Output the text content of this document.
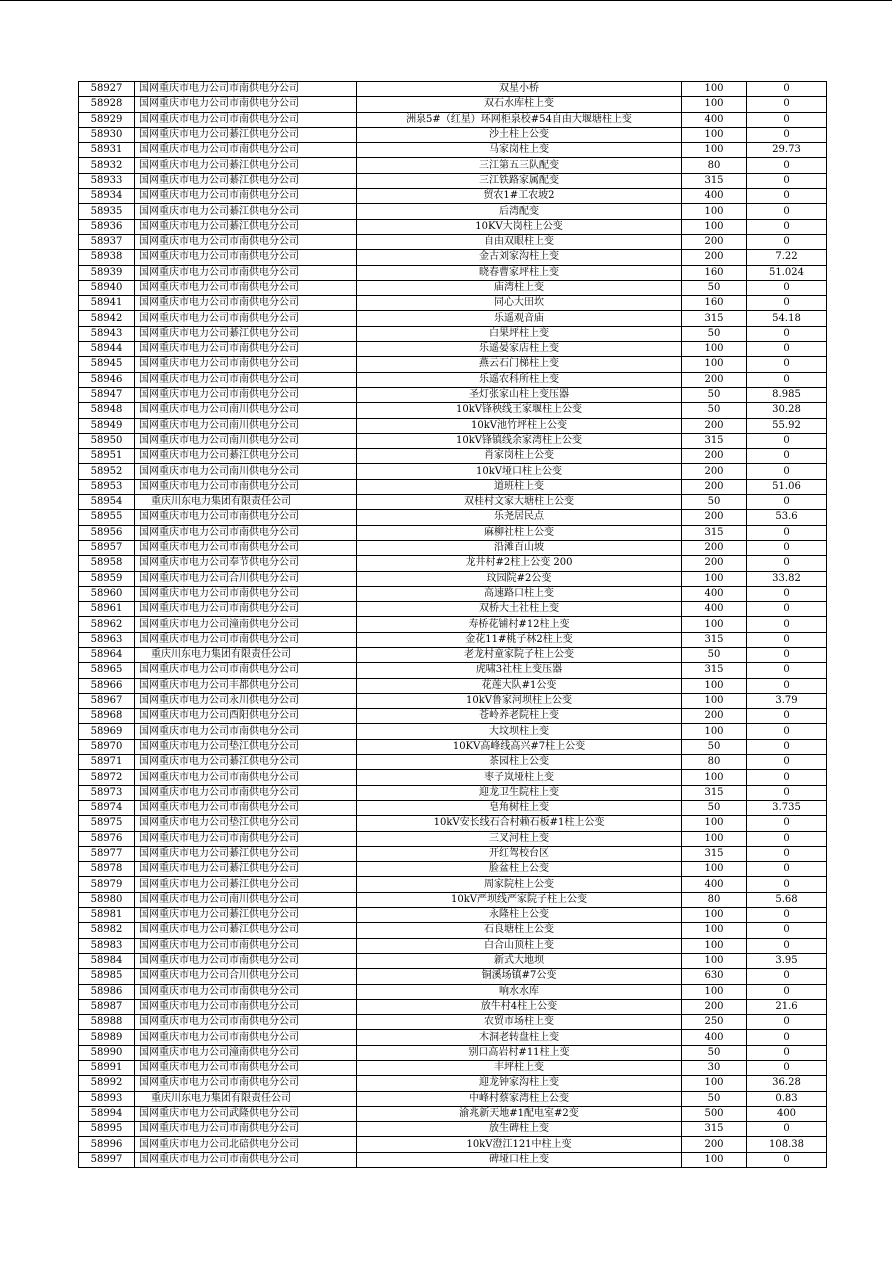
58927	国网重庆市电力公司市南供电分公司	双星小桥	100	0
58928	国网重庆市电力公司市南供电分公司	双石水库柱上变	100	0
58929	国网重庆市电力公司市南供电分公司	洲泉5#（红星）环网柜泉校#54自由大堰塘柱上变	400	0
58930	国网重庆市电力公司綦江供电分公司	沙土柱上公变	100	0
58931	国网重庆市电力公司市南供电分公司	马家岗柱上变	100	29.73
58932	国网重庆市电力公司綦江供电分公司	三江第五三队配变	80	0
58933	国网重庆市电力公司綦江供电分公司	三江铁路家属配变	315	0
58934	国网重庆市电力公司市南供电分公司	贸农1#工农坡2	400	0
58935	国网重庆市电力公司綦江供电分公司	后湾配变	100	0
58936	国网重庆市电力公司綦江供电分公司	10KV大岗柱上公变	100	0
58937	国网重庆市电力公司市南供电分公司	自由双眼柱上变	200	0
58938	国网重庆市电力公司市南供电分公司	金古刘家沟柱上变	200	7.22
58939	国网重庆市电力公司市南供电分公司	晓春曹家坪柱上变	160	51.024
58940	国网重庆市电力公司市南供电分公司	庙湾柱上变	50	0
58941	国网重庆市电力公司市南供电分公司	同心大田坎	160	0
58942	国网重庆市电力公司市南供电分公司	乐遥观音庙	315	54.18
58943	国网重庆市电力公司綦江供电分公司	白果坪柱上变	50	0
58944	国网重庆市电力公司市南供电分公司	乐遥晏家店柱上变	100	0
58945	国网重庆市电力公司市南供电分公司	燕云石门梯柱上变	100	0
58946	国网重庆市电力公司市南供电分公司	乐遥农科所柱上变	200	0
58947	国网重庆市电力公司市南供电分公司	圣灯张家山柱上变压器	50	8.985
58948	国网重庆市电力公司南川供电分公司	10kV锋秧线王家堰柱上公变	50	30.28
58949	国网重庆市电力公司南川供电分公司	10kV池竹坪柱上公变	200	55.92
58950	国网重庆市电力公司南川供电分公司	10kV锋镇线余家湾柱上公变	315	0
58951	国网重庆市电力公司綦江供电分公司	肖家岗柱上公变	200	0
58952	国网重庆市电力公司南川供电分公司	10kV垭口柱上公变	200	0
58953	国网重庆市电力公司市南供电分公司	道班柱上变	200	51.06
58954	重庆川东电力集团有限责任公司	双桂村文家大塘柱上公变	50	0
58955	国网重庆市电力公司市南供电分公司	乐尧居民点	200	53.6
58956	国网重庆市电力公司市南供电分公司	麻柳社柱上公变	315	0
58957	国网重庆市电力公司市南供电分公司	沿滩百山坡	200	0
58958	国网重庆市电力公司奉节供电分公司	龙井村#2柱上公变 200	200	0
58959	国网重庆市电力公司合川供电分公司	玟园院#2公变	100	33.82
58960	国网重庆市电力公司市南供电分公司	高速路口柱上变	400	0
58961	国网重庆市电力公司市南供电分公司	双桥大土社柱上变	400	0
58962	国网重庆市电力公司潼南供电分公司	寿桥花铺村#12柱上变	100	0
58963	国网重庆市电力公司市南供电分公司	金花11#桃子林2柱上变	315	0
58964	重庆川东电力集团有限责任公司	老龙村童家院子柱上公变	50	0
58965	国网重庆市电力公司市南供电分公司	虎啸3社柱上变压器	315	0
58966	国网重庆市电力公司丰都供电分公司	花莲大队#1公变	100	0
58967	国网重庆市电力公司永川供电分公司	10kV鲁家河坝柱上公变	100	3.79
58968	国网重庆市电力公司酉阳供电分公司	苍岭养老院柱上变	200	0
58969	国网重庆市电力公司市南供电分公司	大坟坝柱上变	100	0
58970	国网重庆市电力公司垫江供电分公司	10KV高峰线高兴#7柱上公变	50	0
58971	国网重庆市电力公司綦江供电分公司	茶园柱上公变	80	0
58972	国网重庆市电力公司市南供电分公司	枣子岚垭柱上变	100	0
58973	国网重庆市电力公司市南供电分公司	迎龙卫生院柱上变	315	0
58974	国网重庆市电力公司市南供电分公司	皂角树柱上变	50	3.735
58975	国网重庆市电力公司垫江供电分公司	10kV安长线石合村赖石板#1柱上公变	100	0
58976	国网重庆市电力公司市南供电分公司	三叉河柱上变	100	0
58977	国网重庆市电力公司綦江供电分公司	开红驾校台区	315	0
58978	国网重庆市电力公司綦江供电分公司	脸盆柱上公变	100	0
58979	国网重庆市电力公司綦江供电分公司	周家院柱上公变	400	0
58980	国网重庆市电力公司南川供电分公司	10kV严坝线严家院子柱上公变	80	5.68
58981	国网重庆市电力公司綦江供电分公司	永隆柱上公变	100	0
58982	国网重庆市电力公司綦江供电分公司	石良塘柱上公变	100	0
58983	国网重庆市电力公司市南供电分公司	白合山顶柱上变	100	0
58984	国网重庆市电力公司市南供电分公司	新式大地坝	100	3.95
58985	国网重庆市电力公司合川供电分公司	铜溪场镇#7公变	630	0
58986	国网重庆市电力公司市南供电分公司	响水水库	100	0
58987	国网重庆市电力公司市南供电分公司	放牛村4柱上公变	200	21.6
58988	国网重庆市电力公司市南供电分公司	农贸市场柱上变	250	0
58989	国网重庆市电力公司市南供电分公司	木洞老转盘柱上变	400	0
58990	国网重庆市电力公司潼南供电分公司	别口高岩村#11柱上变	50	0
58991	国网重庆市电力公司市南供电分公司	丰坪柱上变	30	0
58992	国网重庆市电力公司市南供电分公司	迎龙钟家沟柱上变	100	36.28
58993	重庆川东电力集团有限责任公司	中峰村蔡家湾柱上公变	50	0.83
58994	国网重庆市电力公司武隆供电分公司	渝兆新天地#1配电室#2变	500	400
58995	国网重庆市电力公司市南供电分公司	放生碑柱上变	315	0
58996	国网重庆市电力公司北碚供电分公司	10kV澄江121中柱上变	200	108.38
58997	国网重庆市电力公司市南供电分公司	碑垭口柱上变	100	0
